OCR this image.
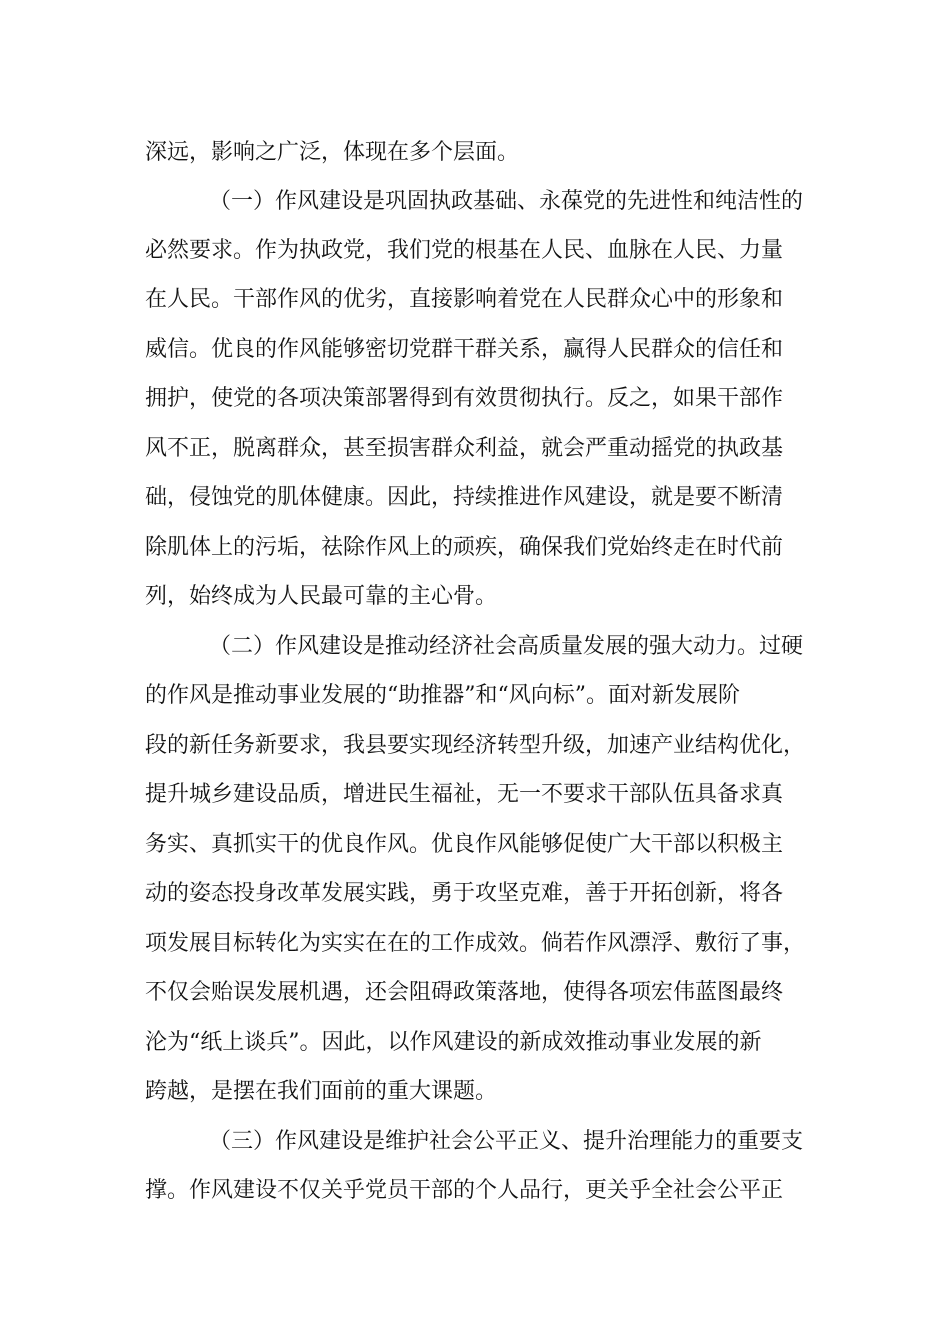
深远，影响之广泛，体现在多个层面。
（一）作风建设是巩固执政基础、永葆党的先进性和纯洁性的
必然要求。作为执政党，我们党的根基在人民、血脉在人民、力量
在人民。干部作风的优劣，直接影响着党在人民群众心中的形象和
威信。优良的作风能够密切党群干群关系，赢得人民群众的信任和
拥护，使党的各项决策部署得到有效贯彻执行。反之，如果干部作
风不正，脱离群众，甚至损害群众利益，就会严重动摇党的执政基
础，侵蚀党的肌体健康。因此，持续推进作风建设，就是要不断清
除肌体上的污垢，祛除作风上的顽疾，确保我们党始终走在时代前
列，始终成为人民最可靠的主心骨。
（二）作风建设是推动经济社会高质量发展的强大动力。过硬
的作风是推动事业发展的“助推器”和“风向标”。面对新发展阶
段的新任务新要求，我县要实现经济转型升级，加速产业结构优化，
提升城乡建设品质，增进民生福祉，无一不要求干部队伍具备求真
务实、真抓实干的优良作风。优良作风能够促使广大干部以积极主
动的姿态投身改革发展实践，勇于攻坚克难，善于开拓创新，将各
项发展目标转化为实实在在的工作成效。倘若作风漂浮、敷衍了事，
不仅会贻误发展机遇，还会阻碍政策落地，使得各项宏伟蓝图最终
沦为“纸上谈兵”。因此，以作风建设的新成效推动事业发展的新
跨越，是摆在我们面前的重大课题。
（三）作风建设是维护社会公平正义、提升治理能力的重要支
撑。作风建设不仅关乎党员干部的个人品行，更关乎全社会公平正
